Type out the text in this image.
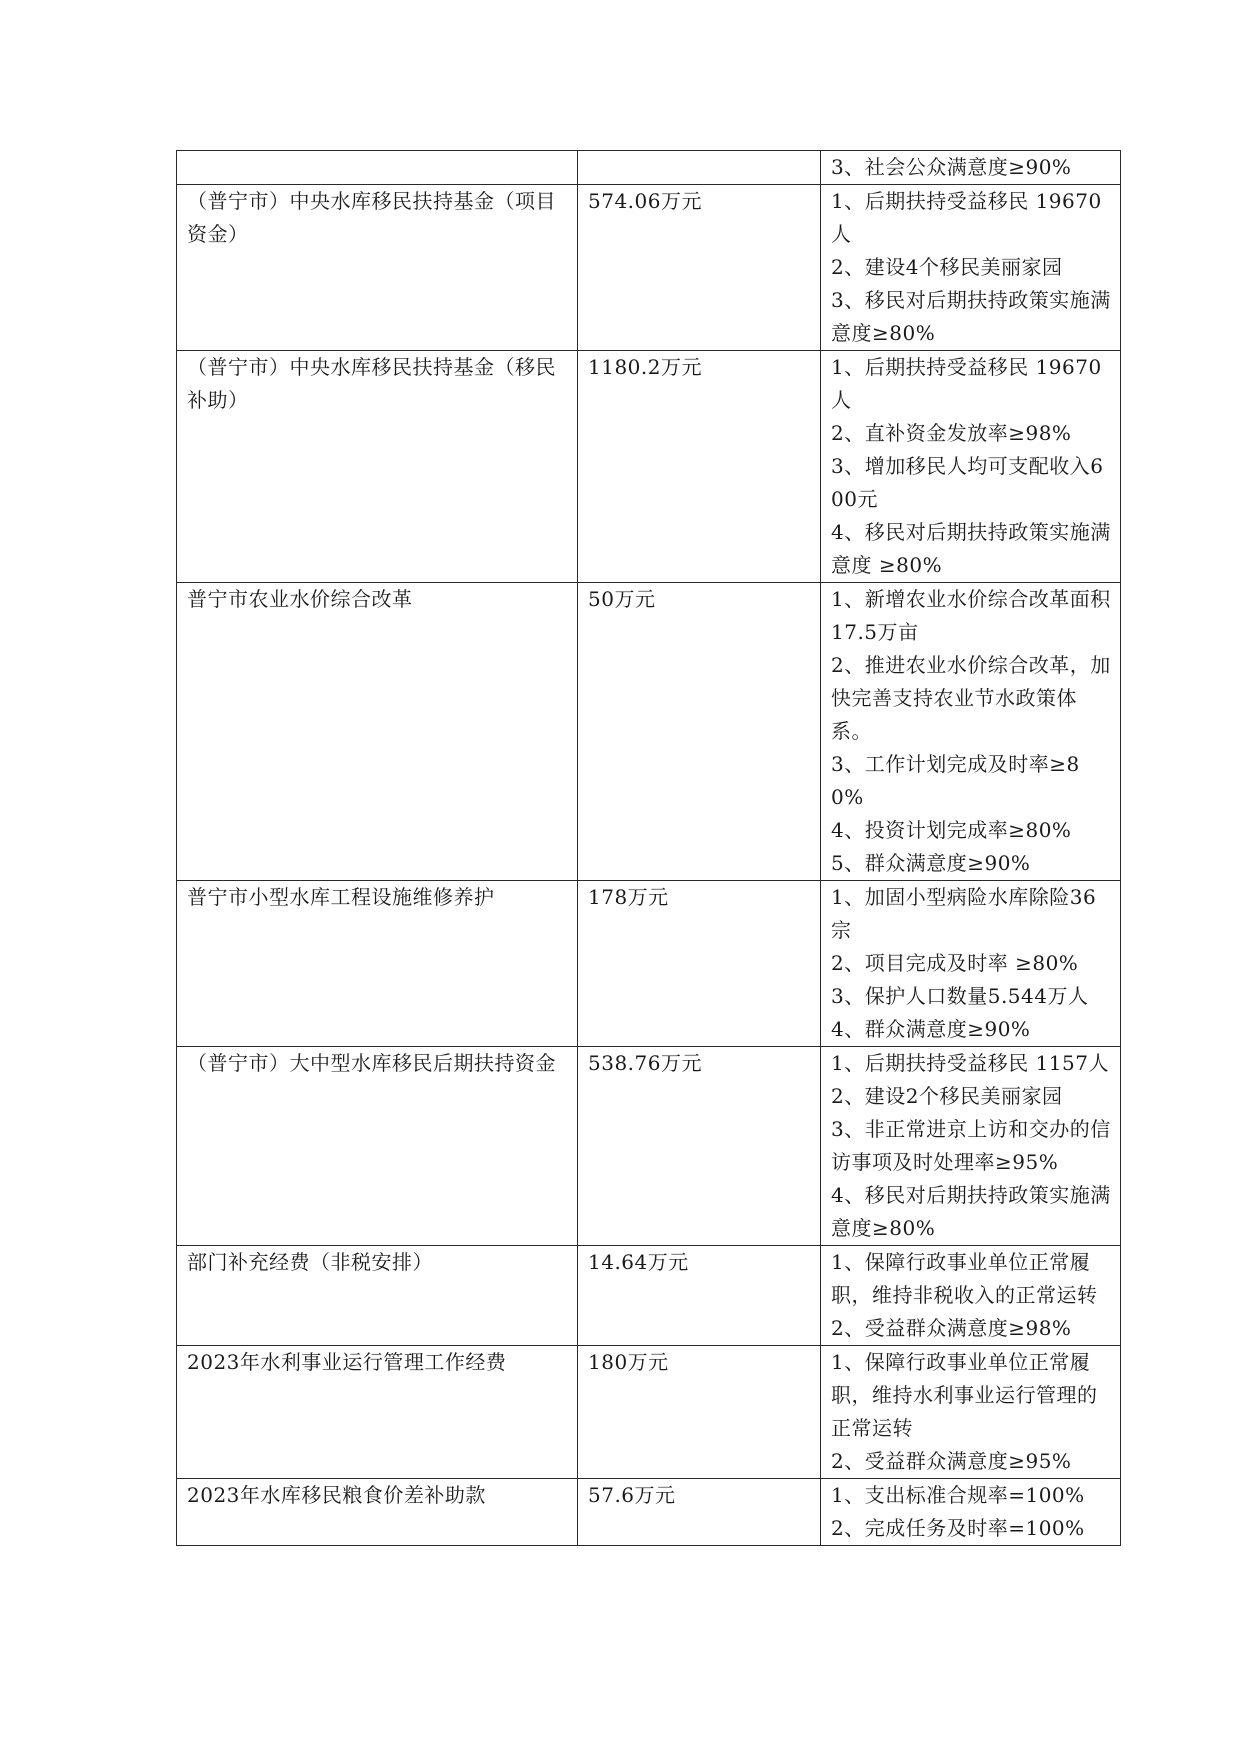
		3、社会公众满意度≥90%

（普宁市）中央水库移民扶持基金（项目资金）	574.06万元	1、后期扶持受益移民 19670人
2、建设4个移民美丽家园
3、移民对后期扶持政策实施满意度≥80%

（普宁市）中央水库移民扶持基金（移民补助）	1180.2万元	1、后期扶持受益移民 19670人
2、直补资金发放率≥98%
3、增加移民人均可支配收入600元
4、移民对后期扶持政策实施满意度 ≥80%

普宁市农业水价综合改革	50万元	1、新增农业水价综合改革面积17.5万亩
2、推进农业水价综合改革，加快完善支持农业节水政策体系。
3、工作计划完成及时率≥80%
4、投资计划完成率≥80%
5、群众满意度≥90%

普宁市小型水库工程设施维修养护	178万元	1、加固小型病险水库除险36宗
2、项目完成及时率 ≥80%
3、保护人口数量5.544万人
4、群众满意度≥90%

（普宁市）大中型水库移民后期扶持资金	538.76万元	1、后期扶持受益移民 1157人
2、建设2个移民美丽家园
3、非正常进京上访和交办的信访事项及时处理率≥95%
4、移民对后期扶持政策实施满意度≥80%

部门补充经费（非税安排）	14.64万元	1、保障行政事业单位正常履职，维持非税收入的正常运转
2、受益群众满意度≥98%

2023年水利事业运行管理工作经费	180万元	1、保障行政事业单位正常履职，维持水利事业运行管理的正常运转
2、受益群众满意度≥95%

2023年水库移民粮食价差补助款	57.6万元	1、支出标准合规率=100%
2、完成任务及时率=100%
